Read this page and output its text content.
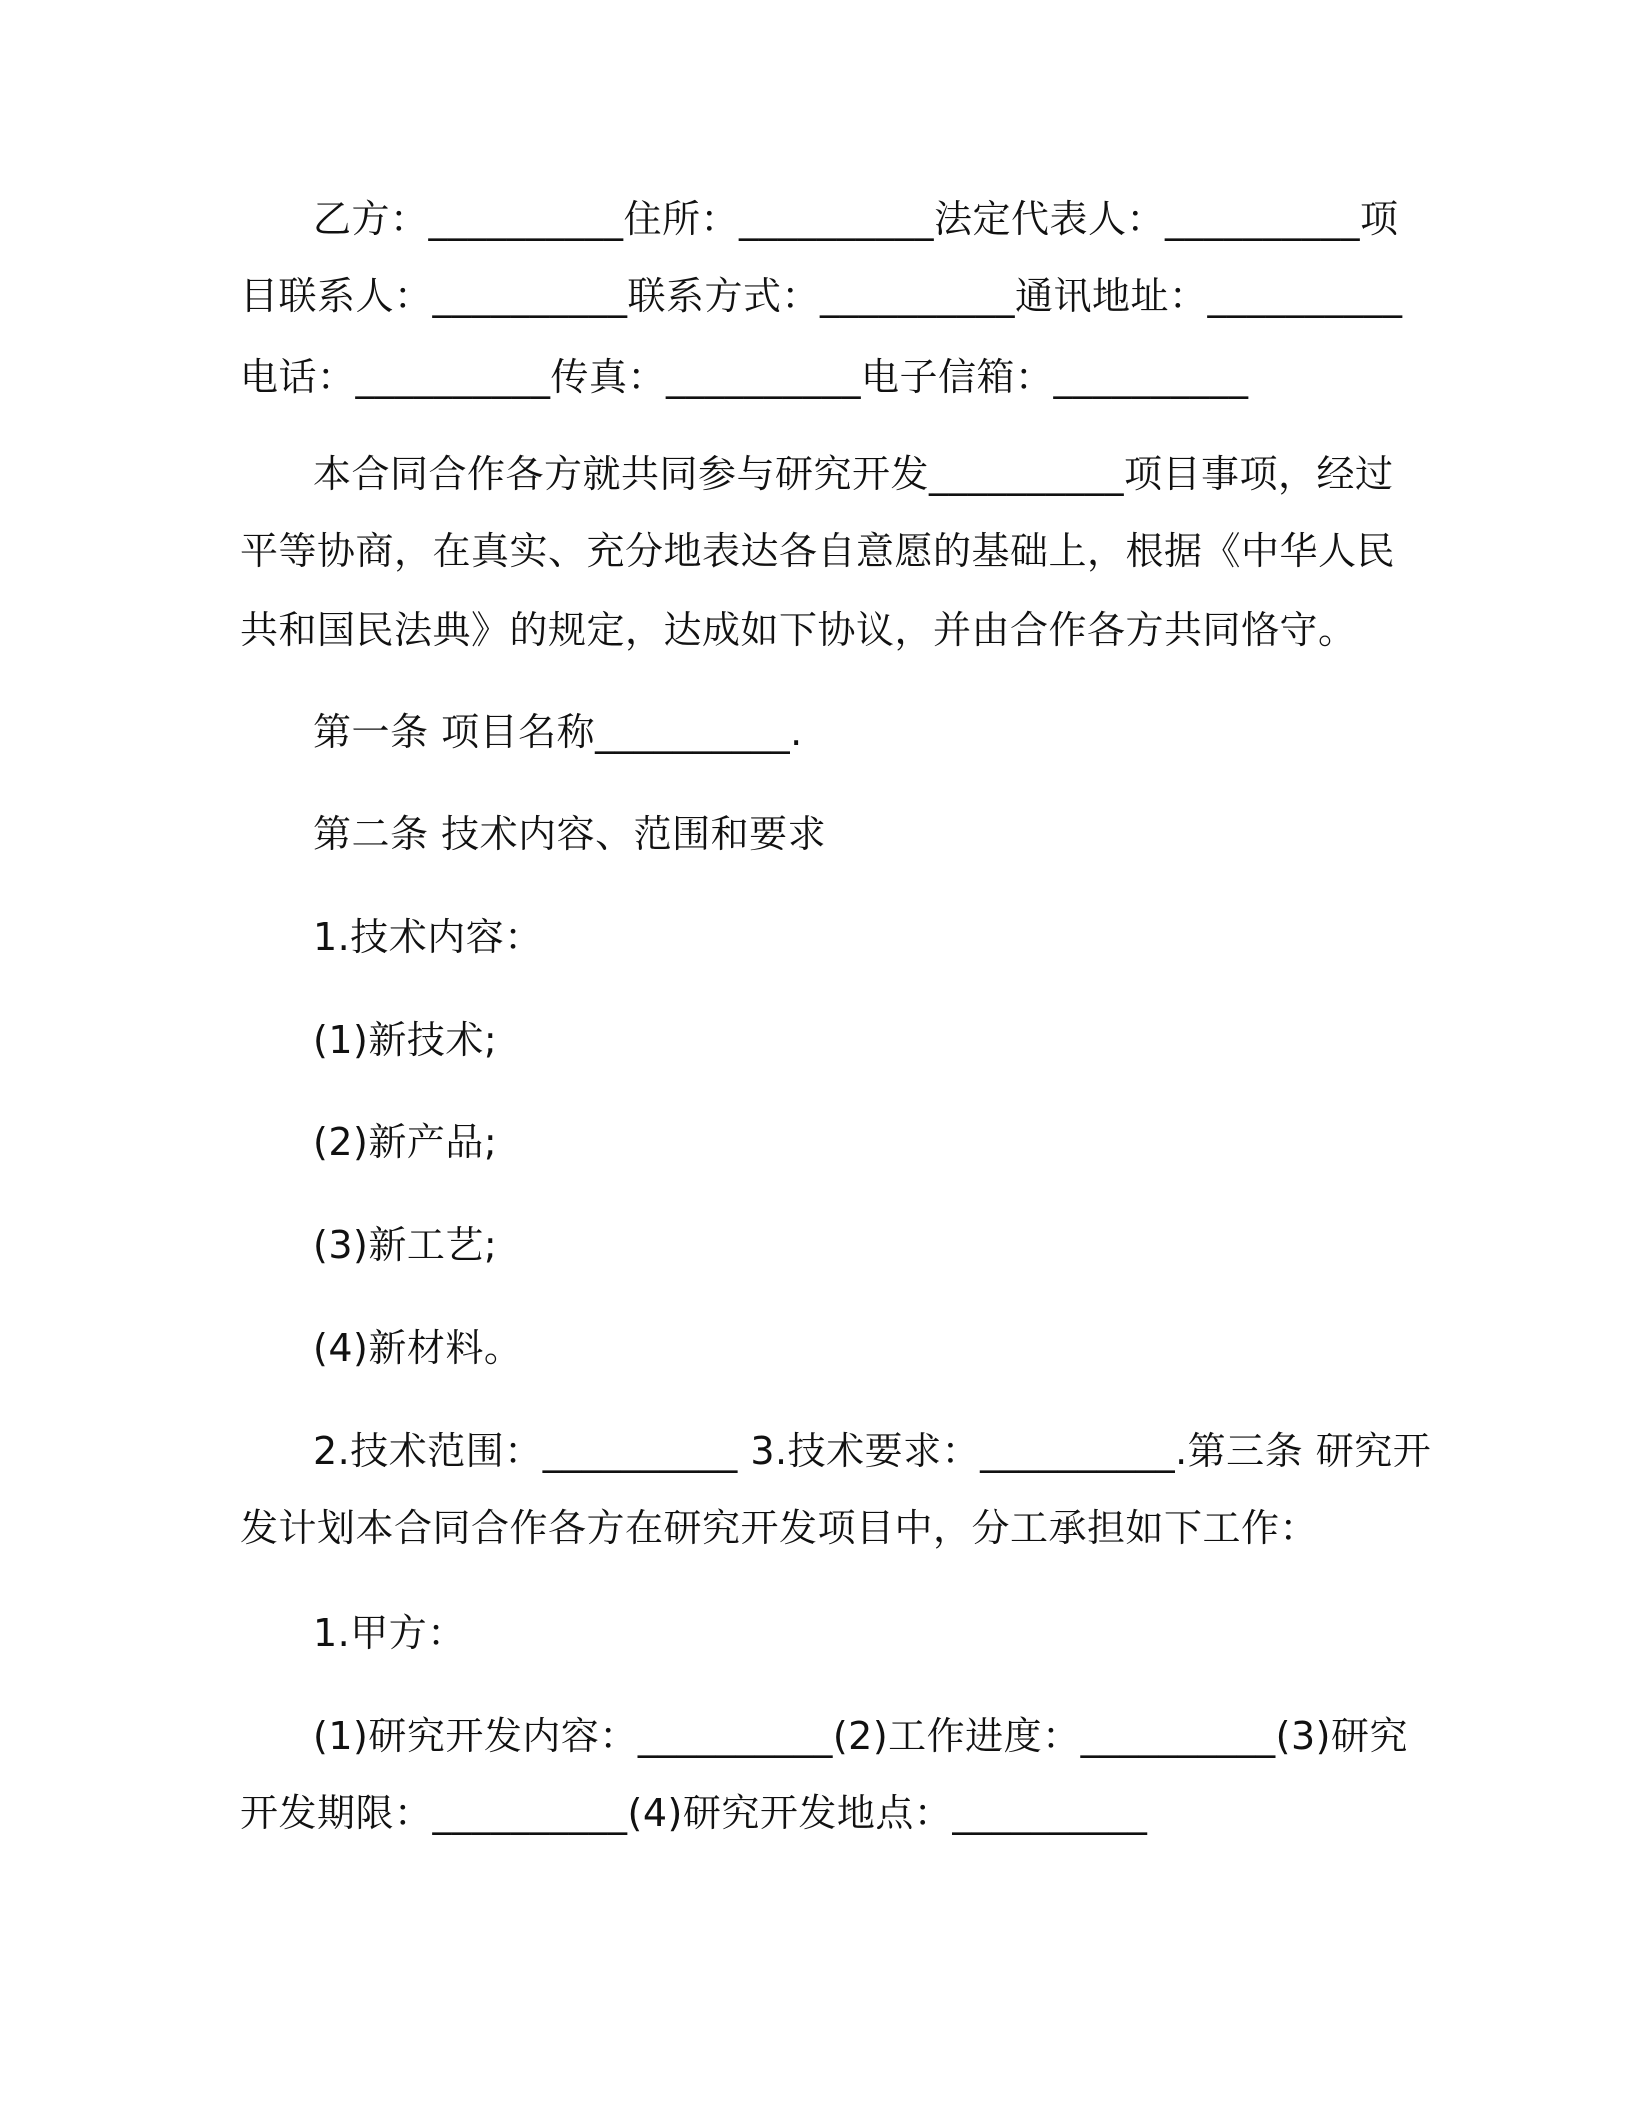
乙方：__________住所：__________法定代表人：__________项
目联系人：__________联系方式：__________通讯地址：__________
电话：__________传真：__________电子信箱：__________
本合同合作各方就共同参与研究开发__________项目事项，经过
平等协商，在真实、充分地表达各自意愿的基础上，根据《中华人民
共和国民法典》的规定，达成如下协议，并由合作各方共同恪守。
第一条 项目名称__________.
第二条 技术内容、范围和要求
1.技术内容：
(1)新技术;
(2)新产品;
(3)新工艺;
(4)新材料。
2.技术范围：__________ 3.技术要求：__________.第三条 研究开
发计划本合同合作各方在研究开发项目中，分工承担如下工作：
1.甲方：
(1)研究开发内容：__________(2)工作进度：__________(3)研究
开发期限：__________(4)研究开发地点：__________
